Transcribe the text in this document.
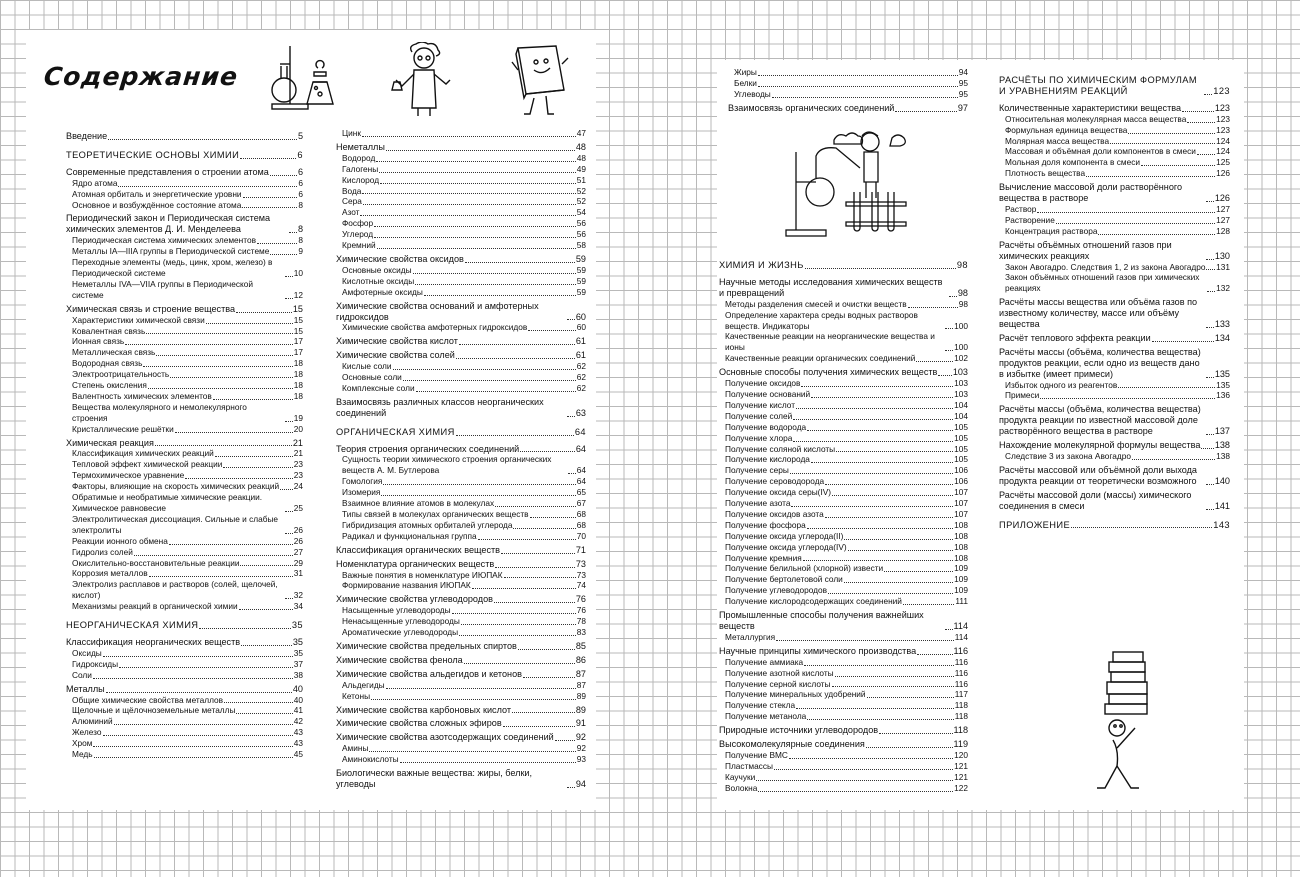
Содержание
Введение	5
ТЕОРЕТИЧЕСКИЕ ОСНОВЫ ХИМИИ	6
Современные представления о строении атома	6
Ядро атома	6
Атомная орбиталь и энергетические уровни	6
Основное и возбуждённое состояние атома	8
Периодический закон и Периодическая система химических элементов Д. И. Менделеева	8
Периодическая система химических элементов	8
Металлы IA—IIIA группы в Периодической системе	9
Переходные элементы (медь, цинк, хром, железо) в Периодической системе	10
Неметаллы IVA—VIIA группы в Периодической системе	12
Химическая связь и строение вещества	15
Характеристики химической связи	15
Ковалентная связь	15
Ионная связь	17
Металлическая связь	17
Водородная связь	18
Электроотрицательность	18
Степень окисления	18
Валентность химических элементов	18
Вещества молекулярного и немолекулярного строения	19
Кристаллические решётки	20
Химическая реакция	21
Классификация химических реакций	21
Тепловой эффект химической реакции	23
Термохимическое уравнение	23
Факторы, влияющие на скорость химических реакций 24
Обратимые и необратимые химические реакции. Химическое равновесие	25
Электролитическая диссоциация. Сильные и слабые электролиты	26
Реакции ионного обмена	26
Гидролиз солей	27
Окислительно-восстановительные реакции	29
Коррозия металлов	31
Электролиз расплавов и растворов (солей, щелочей, кислот)	32
Механизмы реакций в органической химии	34
НЕОРГАНИЧЕСКАЯ ХИМИЯ	35
Классификация неорганических веществ	35
Оксиды	35
Гидроксиды	37
Соли	38
Металлы	40
Общие химические свойства металлов	40
Щелочные и щёлочноземельные металлы	41
Алюминий	42
Железо	43
Хром	43
Медь	45
Цинк	47
Неметаллы	48
Водород	48
Галогены	49
Кислород	51
Вода	52
Сера	52
Азот	54
Фосфор	56
Углерод	56
Кремний	58
Химические свойства оксидов	59
Основные оксиды	59
Кислотные оксиды	59
Амфотерные оксиды	59
Химические свойства оснований и амфотерных гидроксидов	60
Химические свойства амфотерных гидроксидов	60
Химические свойства кислот	61
Химические свойства солей	61
Кислые соли	62
Основные соли	62
Комплексные соли	62
Взаимосвязь различных классов неорганических соединений	63
ОРГАНИЧЕСКАЯ ХИМИЯ	64
Теория строения органических соединений	64
Сущность теории химического строения органических веществ А. М. Бутлерова	64
Гомология	64
Изомерия	65
Взаимное влияние атомов в молекулах	67
Типы связей в молекулах органических веществ	68
Гибридизация атомных орбиталей углерода	68
Радикал и функциональная группа	70
Классификация органических веществ	71
Номенклатура органических веществ	73
Важные понятия в номенклатуре ИЮПАК	73
Формирование названия ИЮПАК	74
Химические свойства углеводородов	76
Насыщенные углеводороды	76
Ненасыщенные углеводороды	78
Ароматические углеводороды	83
Химические свойства предельных спиртов	85
Химические свойства фенола	86
Химические свойства альдегидов и кетонов	87
Альдегиды	87
Кетоны	89
Химические свойства карбоновых кислот	89
Химические свойства сложных эфиров	91
Химические свойства азотсодержащих соединений 92
Амины	92
Аминокислоты	93
Биологически важные вещества: жиры, белки, углеводы	94
Жиры	94
Белки	95
Углеводы	95
Взаимосвязь органических соединений	97
ХИМИЯ И ЖИЗНЬ	98
Научные методы исследования химических веществ и превращений	98
Методы разделения смесей и очистки веществ	98
Определение характера среды водных растворов веществ. Индикаторы	100
Качественные реакции на неорганические вещества и ионы	100
Качественные реакции органических соединений	102
Основные способы получения химических веществ 103
Получение оксидов	103
Получение оснований	103
Получение кислот	104
Получение солей	104
Получение водорода	105
Получение хлора	105
Получение соляной кислоты	105
Получение кислорода	105
Получение серы	106
Получение сероводорода	106
Получение оксида серы(IV)	107
Получение азота	107
Получение оксидов азота	107
Получение фосфора	108
Получение оксида углерода(II)	108
Получение оксида углерода(IV)	108
Получение кремния	108
Получение белильной (хлорной) извести	109
Получение бертолетовой соли	109
Получение углеводородов	109
Получение кислородсодержащих соединений	111
Промышленные способы получения важнейших веществ	114
Металлургия	114
Научные принципы химического производства	116
Получение аммиака	116
Получение азотной кислоты	116
Получение серной кислоты	116
Получение минеральных удобрений	117
Получение стекла	118
Получение метанола	118
Природные источники углеводородов	118
Высокомолекулярные соединения	119
Получение ВМС	120
Пластмассы	121
Каучуки	121
Волокна	122
РАСЧЁТЫ ПО ХИМИЧЕСКИМ ФОРМУЛАМ И УРАВНЕНИЯМ РЕАКЦИЙ	123
Количественные характеристики вещества	123
Относительная молекулярная масса вещества	123
Формульная единица вещества	123
Молярная масса вещества	124
Массовая и объёмная доли компонентов в смеси 124
Мольная доля компонента в смеси	125
Плотность вещества	126
Вычисление массовой доли растворённого вещества в растворе	126
Раствор	127
Растворение	127
Концентрация раствора	128
Расчёты объёмных отношений газов при химических реакциях	130
Закон Авогадро. Следствия 1, 2 из закона Авогадро 131
Закон объёмных отношений газов при химических реакциях	132
Расчёты массы вещества или объёма газов по известному количеству, массе или объёму вещества	133
Расчёт теплового эффекта реакции	134
Расчёты массы (объёма, количества вещества) продуктов реакции, если одно из веществ дано в избытке (имеет примеси)	135
Избыток одного из реагентов	135
Примеси	136
Расчёты массы (объёма, количества вещества) продукта реакции по известной массовой доле растворённого вещества в растворе	137
Нахождение молекулярной формулы вещества 138
Следствие 3 из закона Авогадро	138
Расчёты массовой или объёмной доли выхода продукта реакции от теоретически возможного	140
Расчёты массовой доли (массы) химического соединения в смеси	141
ПРИЛОЖЕНИЕ	143
